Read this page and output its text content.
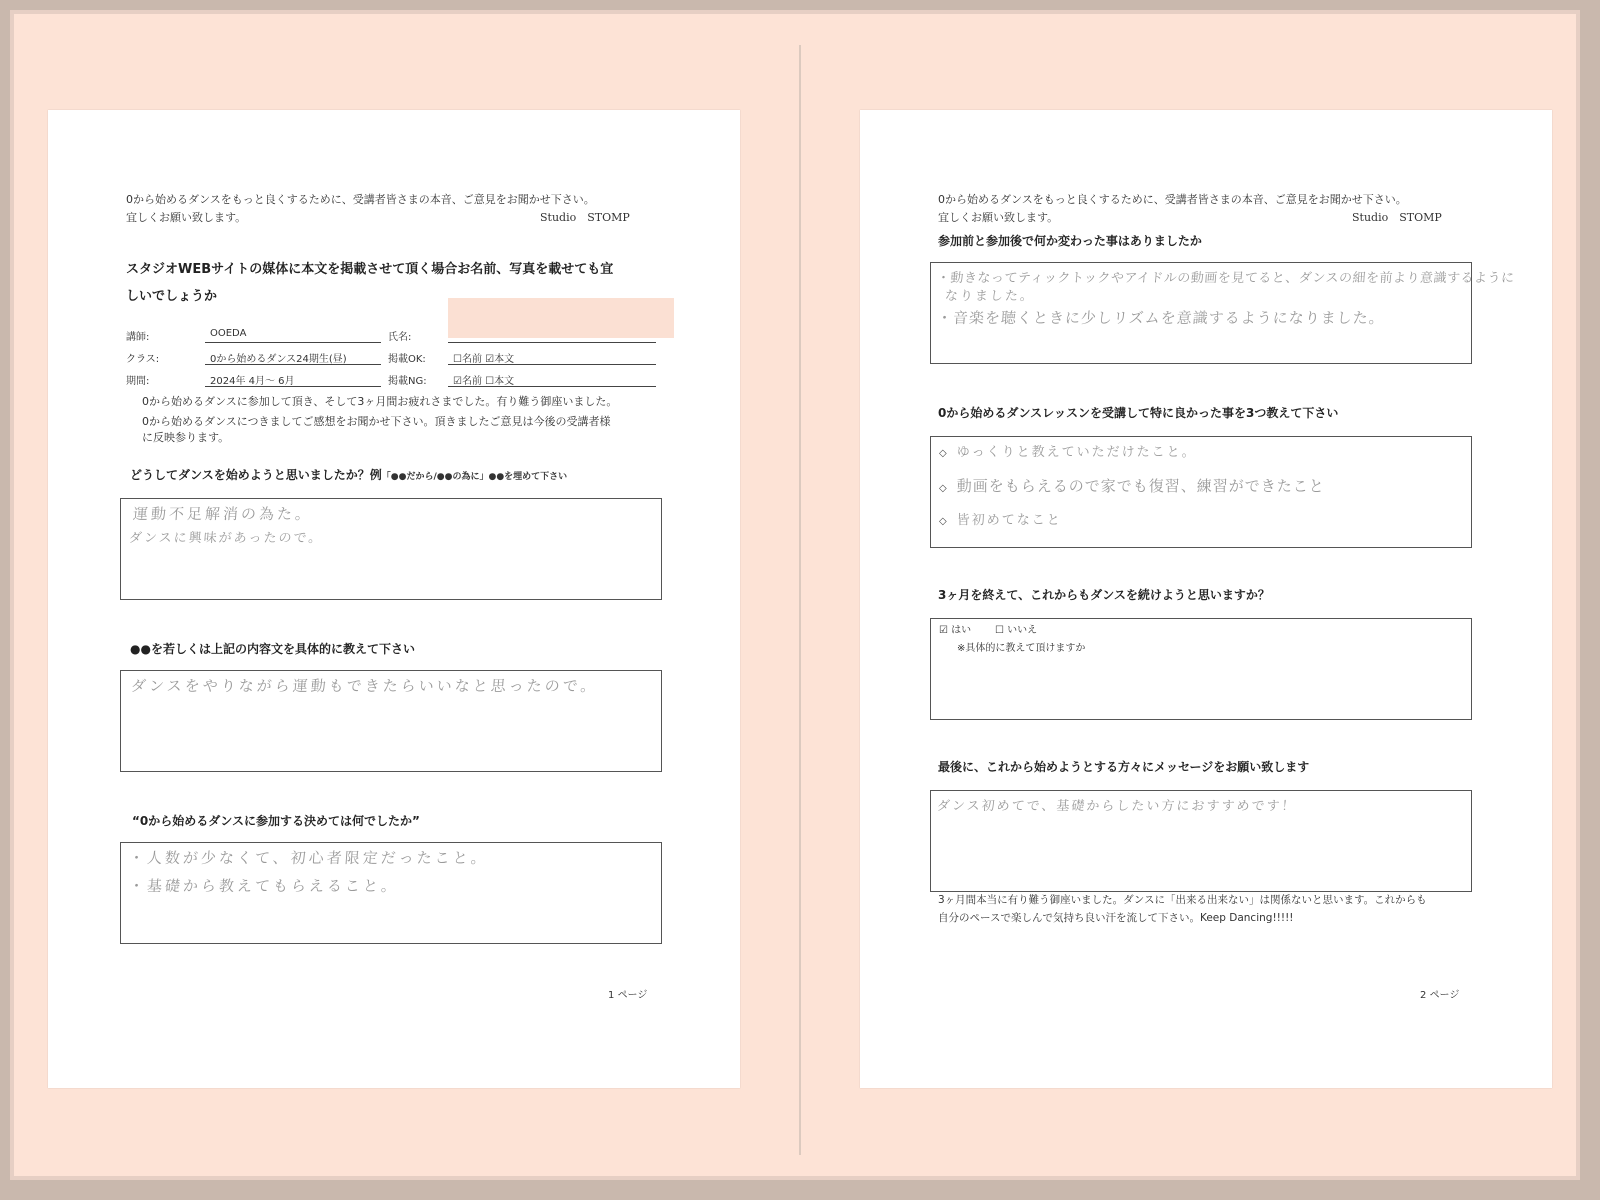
0から始めるダンスをもっと良くするために、受講者皆さまの本音、ご意見をお聞かせ下さい。
宜しくお願い致します。	Studio　STOMP
スタジオWEBサイトの媒体に本文を掲載させて頂く場合お名前、写真を載せても宜
しいでしょうか
講師:	OOEDA	氏名:
クラス:	0から始めるダンス24期生(昼)	掲載OK:	☐名前 ☑本文
期間:	2024年 4月～ 6月	掲載NG:	☑名前 ☐本文
0から始めるダンスに参加して頂き、そして3ヶ月間お疲れさまでした。有り難う御座いました。
0から始めるダンスにつきましてご感想をお聞かせ下さい。頂きましたご意見は今後の受講者様
に反映参ります。
どうしてダンスを始めようと思いましたか？例「●●だから/●●の為に」●●を埋めて下さい
運動不足解消の為た。
ダンスに興味があったので。
●●を若しくは上記の内容文を具体的に教えて下さい
ダンスをやりながら運動もできたらいいなと思ったので。
“0から始めるダンスに参加する決めては何でしたか”
・人数が少なくて、初心者限定だったこと。
・基礎から教えてもらえること。
1 ページ
0から始めるダンスをもっと良くするために、受講者皆さまの本音、ご意見をお聞かせ下さい。
宜しくお願い致します。	Studio　STOMP
参加前と参加後で何か変わった事はありましたか
・動きなってティックトックやアイドルの動画を見てると、ダンスの細を前より意識するように
なりました。
・音楽を聴くときに少しリズムを意識するようになりました。
0から始めるダンスレッスンを受講して特に良かった事を3つ教えて下さい
◇ ゆっくりと教えていただけたこと。
◇ 動画をもらえるので家でも復習、練習ができたこと
◇ 皆初めてなこと
3ヶ月を終えて、これからもダンスを続けようと思いますか？
☑ はい ☐ いいえ
※具体的に教えて頂けますか
最後に、これから始めようとする方々にメッセージをお願い致します
ダンス初めてで、基礎からしたい方におすすめです！
3ヶ月間本当に有り難う御座いました。ダンスに「出来る出来ない」は関係ないと思います。これからも
自分のペースで楽しんで気持ち良い汗を流して下さい。Keep Dancing!!!!!
2 ページ
